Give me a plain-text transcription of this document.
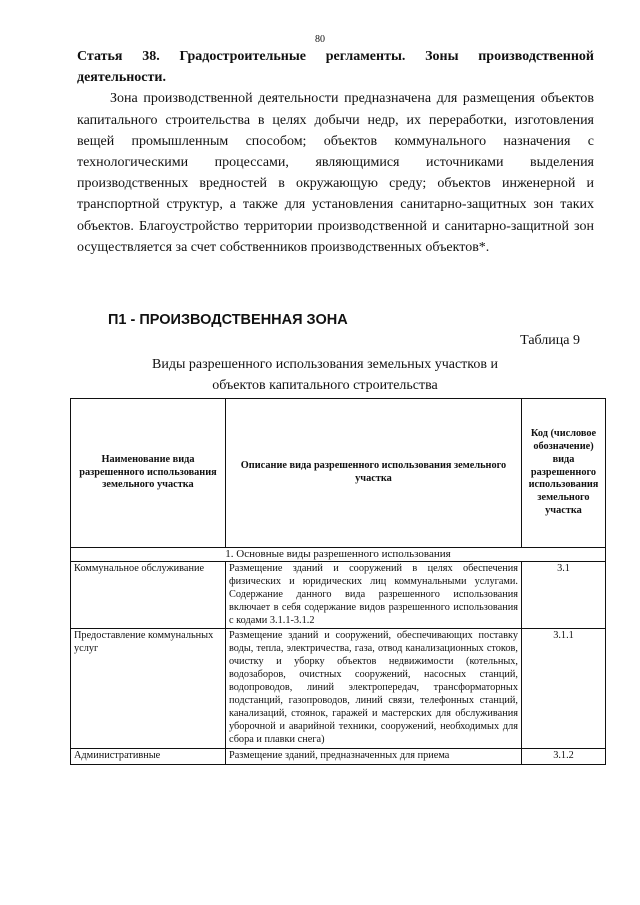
80

Статья 38. Градостроительные регламенты. Зоны производственной деятельности.

Зона производственной деятельности предназначена для размещения объектов капитального строительства в целях добычи недр, их переработки, изготовления вещей промышленным способом; объектов коммунального назначения с технологическими процессами, являющимися источниками выделения производственных вредностей в окружающую среду; объектов инженерной и транспортной структур, а также для установления санитарно-защитных зон таких объектов. Благоустройство территории производственной и санитарно-защитной зон осуществляется за счет собственников производственных объектов*.

П1 - ПРОИЗВОДСТВЕННАЯ ЗОНА
Таблица 9
Виды разрешенного использования земельных участков и
объектов капитального строительства
Наименование вида разрешенного использования земельного участка	Описание вида разрешенного использования земельного участка	Код (числовое обозначение) вида разрешенного использования земельного участка
1. Основные виды разрешенного использования		
Коммунальное обслуживание	Размещение зданий и сооружений в целях обеспечения физических и юридических лиц коммунальными услугами. Содержание данного вида разрешенного использования включает в себя содержание видов разрешенного использования с кодами 3.1.1-3.1.2	3.1
Предоставление коммунальных услуг	Размещение зданий и сооружений, обеспечивающих поставку воды, тепла, электричества, газа, отвод канализационных стоков, очистку и уборку объектов недвижимости (котельных, водозаборов, очистных сооружений, насосных станций, водопроводов, линий электропередач, трансформаторных подстанций, газопроводов, линий связи, телефонных станций, канализаций, стоянок, гаражей и мастерских для обслуживания уборочной и аварийной техники, сооружений, необходимых для сбора и плавки снега)	3.1.1
Административные	Размещение зданий, предназначенных для приема	3.1.2
